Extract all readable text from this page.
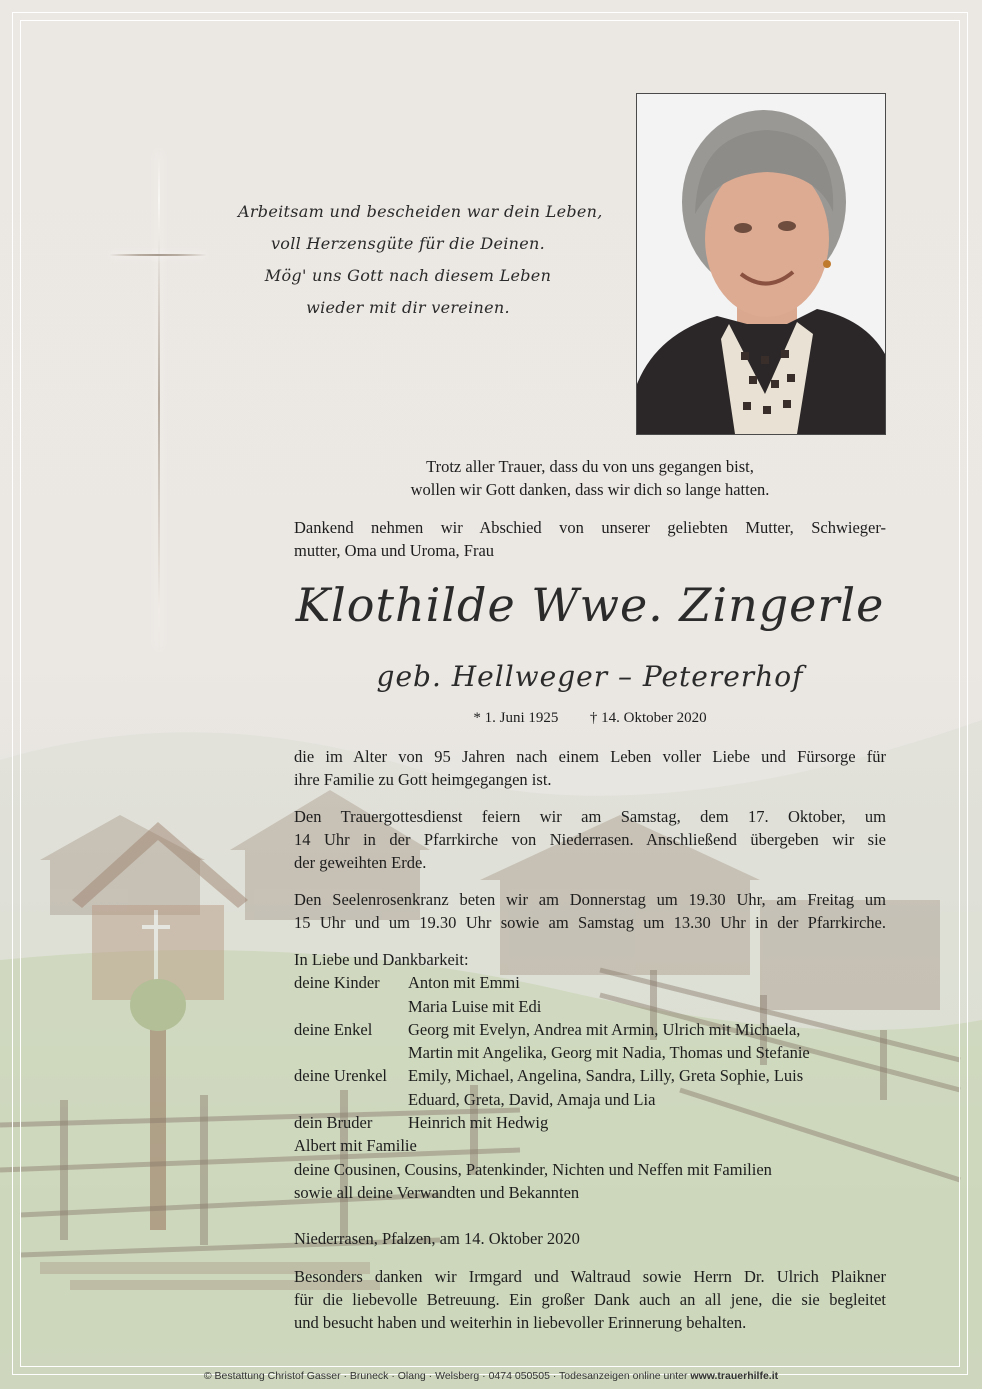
Arbeitsam und bescheiden war dein Leben,
voll Herzensgüte für die Deinen.
Mög' uns Gott nach diesem Leben
wieder mit dir vereinen.
Trotz aller Trauer, dass du von uns gegangen bist,
wollen wir Gott danken, dass wir dich so lange hatten.
Dankend nehmen wir Abschied von unserer geliebten Mutter, Schwieger-
mutter, Oma und Uroma, Frau
Klothilde Wwe. Zingerle
geb. Hellweger – Petererhof
* 1. Juni 1925 † 14. Oktober 2020
die im Alter von 95 Jahren nach einem Leben voller Liebe und Fürsorge für
ihre Familie zu Gott heimgegangen ist.
Den Trauergottesdienst feiern wir am Samstag, dem 17. Oktober, um
14 Uhr in der Pfarrkirche von Niederrasen. Anschließend übergeben wir sie
der geweihten Erde.
Den Seelenrosenkranz beten wir am Donnerstag um 19.30 Uhr, am Freitag um
15 Uhr und um 19.30 Uhr sowie am Samstag um 13.30 Uhr in der Pfarrkirche.
In Liebe und Dankbarkeit:
deine Kinder Anton mit Emmi
Maria Luise mit Edi
deine Enkel Georg mit Evelyn, Andrea mit Armin, Ulrich mit Michaela,
Martin mit Angelika, Georg mit Nadia, Thomas und Stefanie
deine Urenkel Emily, Michael, Angelina, Sandra, Lilly, Greta Sophie, Luis
Eduard, Greta, David, Amaja und Lia
dein Bruder Heinrich mit Hedwig
Albert mit Familie
deine Cousinen, Cousins, Patenkinder, Nichten und Neffen mit Familien
sowie all deine Verwandten und Bekannten
Niederrasen, Pfalzen, am 14. Oktober 2020
Besonders danken wir Irmgard und Waltraud sowie Herrn Dr. Ulrich Plaikner
für die liebevolle Betreuung. Ein großer Dank auch an all jene, die sie begleitet
und besucht haben und weiterhin in liebevoller Erinnerung behalten.
© Bestattung Christof Gasser · Bruneck · Olang · Welsberg · 0474 050505 · Todesanzeigen online unter www.trauerhilfe.it
